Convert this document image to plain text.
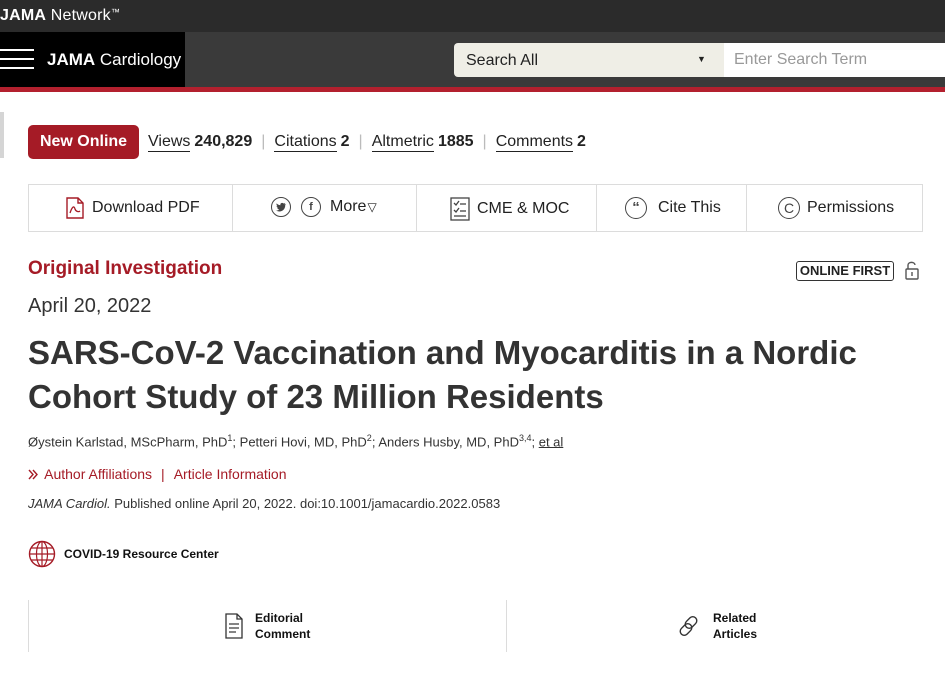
JAMA Network™
JAMA Cardiology	Search All	▼
Enter Search Term
New Online	Views 240,829 | Citations 2 | Altmetric 1885 | Comments 2
Download PDF	f	More ▽	CME & MOC	“	Cite This	C Permissions
Original Investigation	ONLINE FIRST
April 20, 2022
SARS-CoV-2 Vaccination and Myocarditis in a Nordic Cohort Study of 23 Million Residents
Øystein Karlstad, MScPharm, PhD$^1$; Petteri Hovi, MD, PhD$^2$; Anders Husby, MD, PhD$^{3,4}$; et al
Author Affiliations | Article Information
JAMA Cardiol. Published online April 20, 2022. doi:10.1001/jamacardio.2022.0583
COVID-19 Resource Center
Editorial
Comment
Related
Articles
